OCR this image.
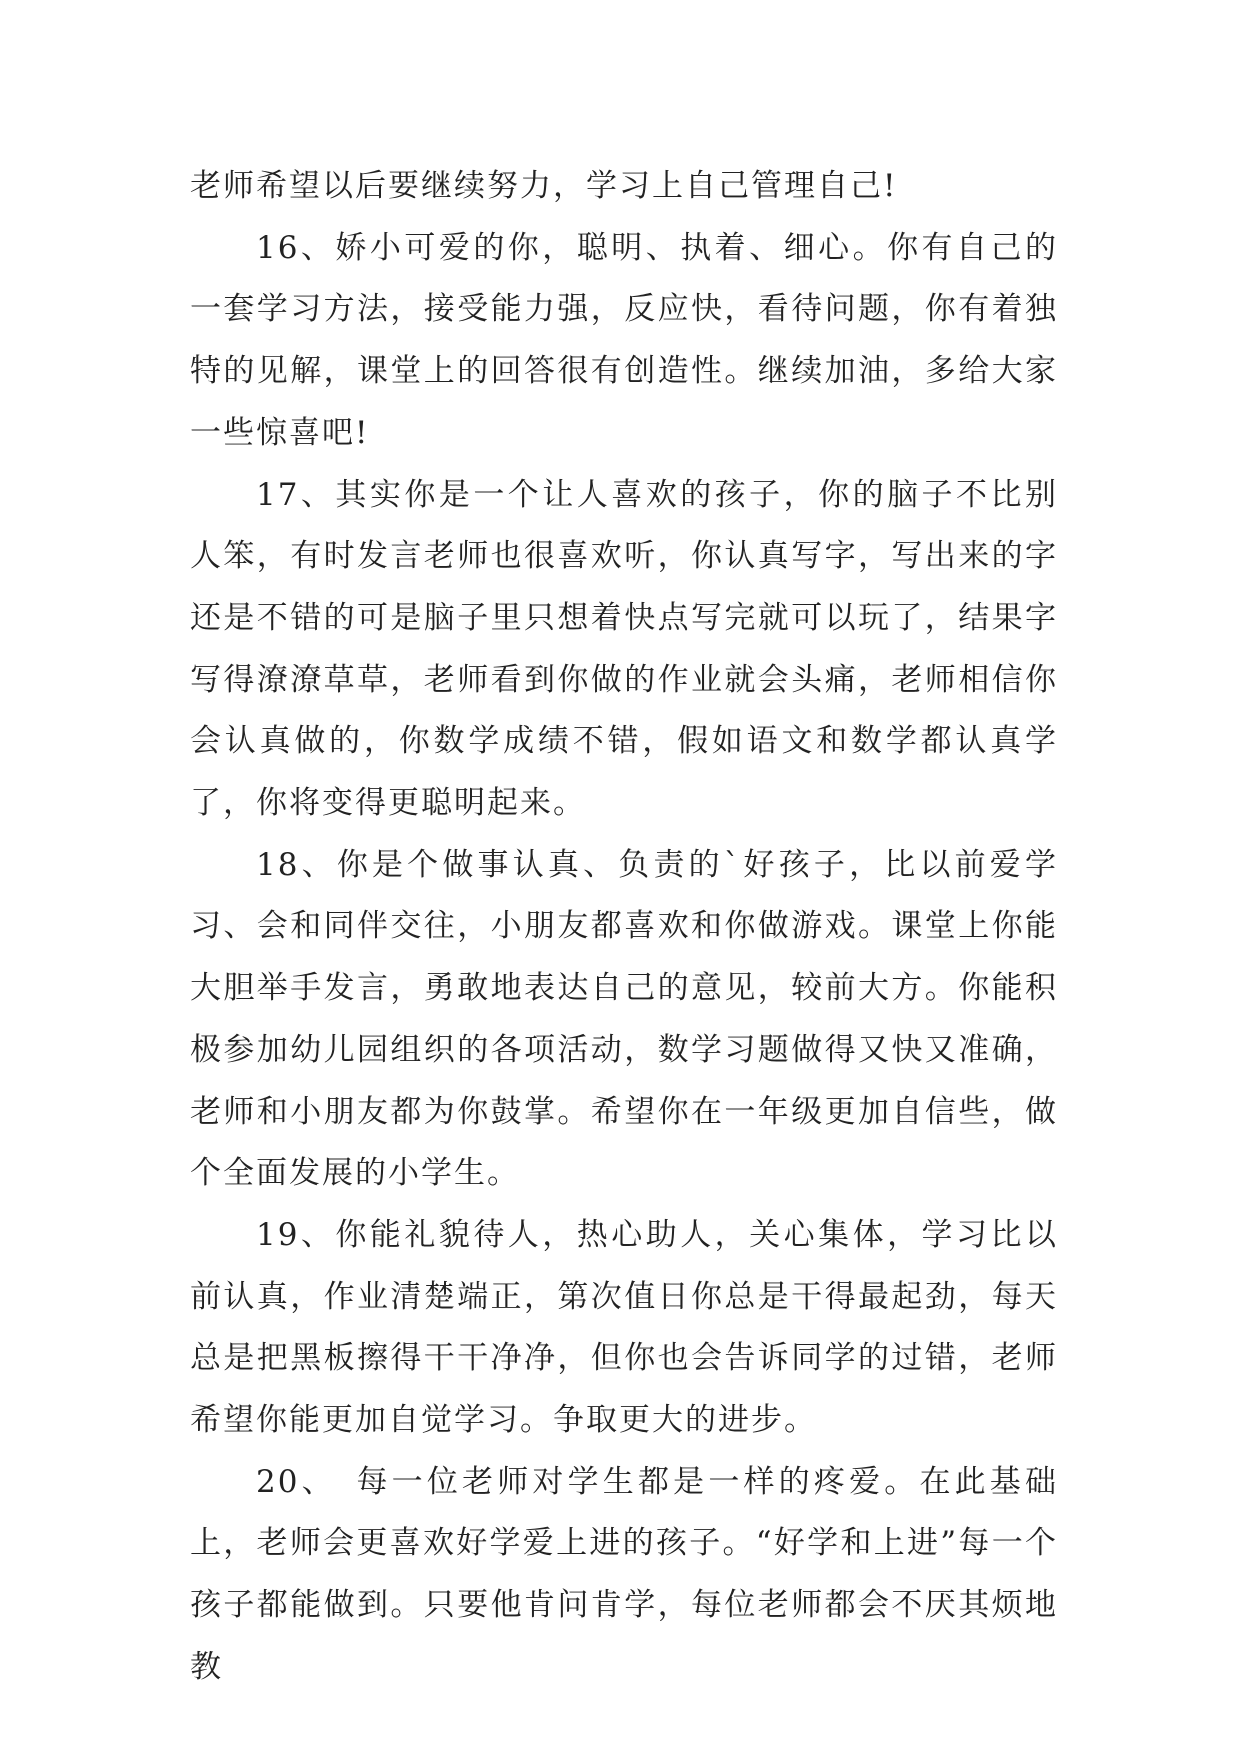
老师希望以后要继续努力，学习上自己管理自己!

16、娇小可爱的你，聪明、执着、细心。你有自己的一套学习方法，接受能力强，反应快，看待问题，你有着独特的见解，课堂上的回答很有创造性。继续加油，多给大家一些惊喜吧!

17、其实你是一个让人喜欢的孩子，你的脑子不比别人笨，有时发言老师也很喜欢听，你认真写字，写出来的字还是不错的可是脑子里只想着快点写完就可以玩了，结果字写得潦潦草草，老师看到你做的作业就会头痛，老师相信你会认真做的，你数学成绩不错，假如语文和数学都认真学了，你将变得更聪明起来。

18、你是个做事认真、负责的`好孩子，比以前爱学习、会和同伴交往，小朋友都喜欢和你做游戏。课堂上你能大胆举手发言，勇敢地表达自己的意见，较前大方。你能积极参加幼儿园组织的各项活动，数学习题做得又快又准确，老师和小朋友都为你鼓掌。希望你在一年级更加自信些，做个全面发展的小学生。

19、你能礼貌待人，热心助人，关心集体，学习比以前认真，作业清楚端正，第次值日你总是干得最起劲，每天总是把黑板擦得干干净净，但你也会告诉同学的过错，老师希望你能更加自觉学习。争取更大的进步。

20、　每一位老师对学生都是一样的疼爱。在此基础上，老师会更喜欢好学爱上进的孩子。“好学和上进”每一个孩子都能做到。只要他肯问肯学，每位老师都会不厌其烦地教
